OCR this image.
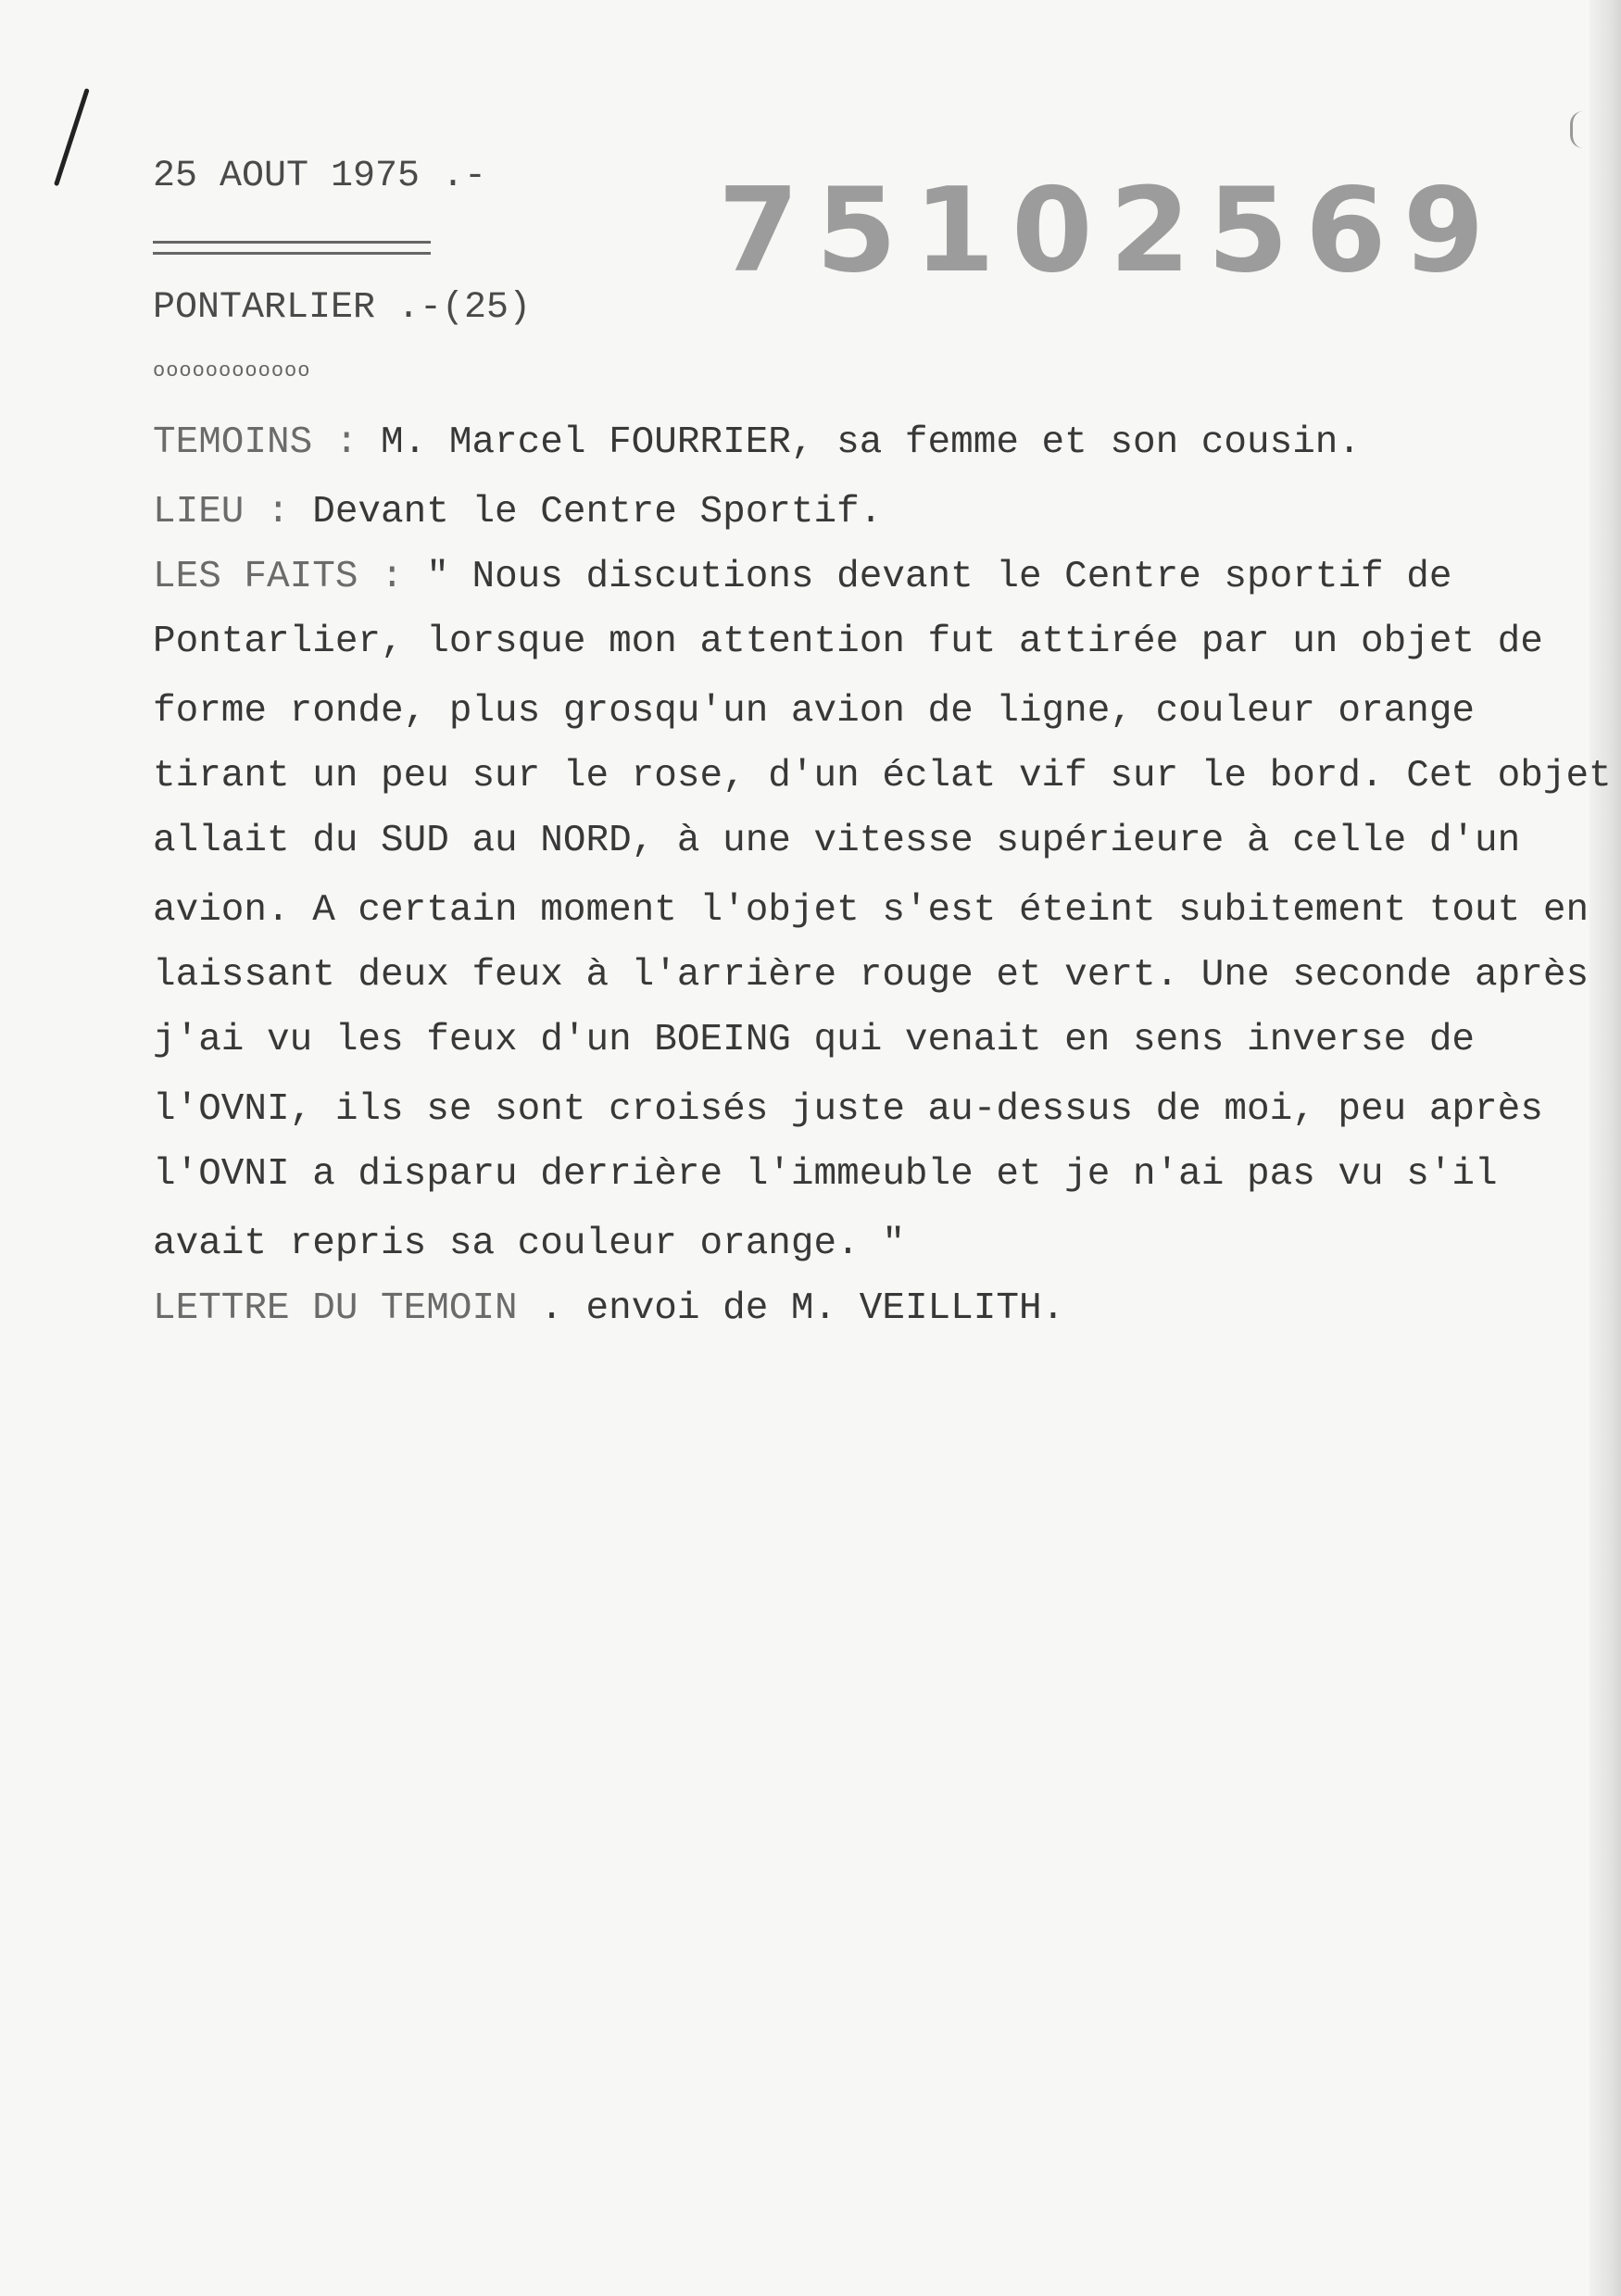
75102569

25 AOUT 1975 .-

PONTARLIER .-(25)

oooooooooooo

TEMOINS : M. Marcel FOURRIER, sa femme et son cousin.

LIEU : Devant le Centre Sportif.

LES FAITS : " Nous discutions devant le Centre sportif de

Pontarlier, lorsque mon attention fut attirée par un objet de

forme ronde, plus grosqu'un avion de ligne, couleur orange

tirant un peu sur le rose, d'un éclat vif sur le bord. Cet objet

allait du SUD au NORD, à une vitesse supérieure à celle d'un

avion. A certain moment l'objet s'est éteint subitement tout en

laissant deux feux à l'arrière rouge et vert. Une seconde après

j'ai vu les feux d'un BOEING qui venait en sens inverse de

l'OVNI, ils se sont croisés juste au-dessus de moi, peu après

l'OVNI a disparu derrière l'immeuble et je n'ai pas vu s'il

avait repris sa couleur orange. "

LETTRE DU TEMOIN . envoi de M. VEILLITH.
